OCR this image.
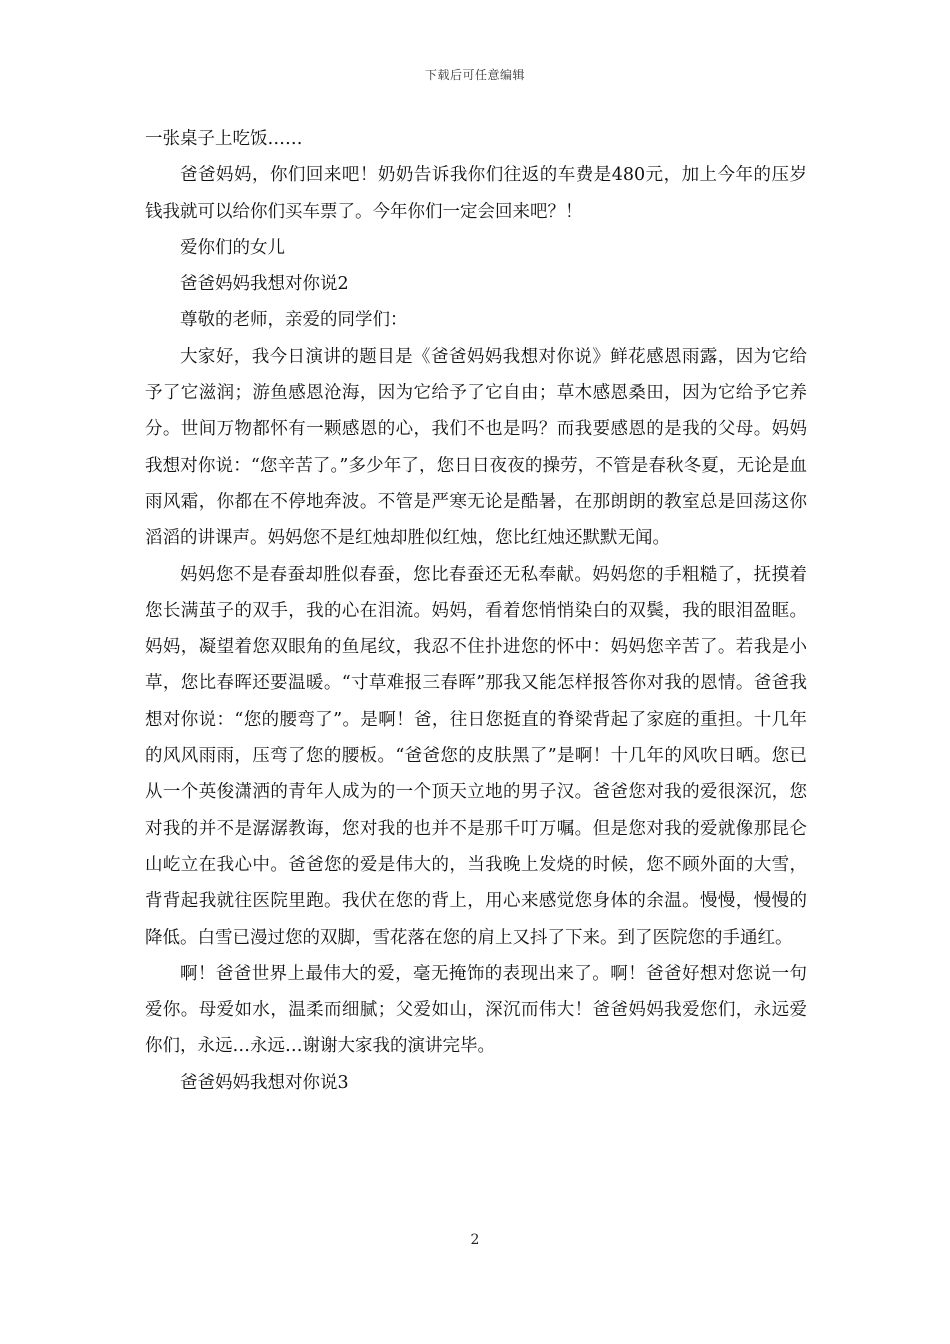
下载后可任意编辑

一张桌子上吃饭……

爸爸妈妈，你们回来吧！奶奶告诉我你们往返的车费是480元，加上今年的压岁钱我就可以给你们买车票了。今年你们一定会回来吧？！

爱你们的女儿

爸爸妈妈我想对你说2

尊敬的老师，亲爱的同学们：

大家好，我今日演讲的题目是《爸爸妈妈我想对你说》鲜花感恩雨露，因为它给予了它滋润；游鱼感恩沧海，因为它给予了它自由；草木感恩桑田，因为它给予它养分。世间万物都怀有一颗感恩的心，我们不也是吗？而我要感恩的是我的父母。妈妈我想对你说：“您辛苦了。”多少年了，您日日夜夜的操劳，不管是春秋冬夏，无论是血雨风霜，你都在不停地奔波。不管是严寒无论是酷暑，在那朗朗的教室总是回荡这你滔滔的讲课声。妈妈您不是红烛却胜似红烛，您比红烛还默默无闻。

妈妈您不是春蚕却胜似春蚕，您比春蚕还无私奉献。妈妈您的手粗糙了，抚摸着您长满茧子的双手，我的心在泪流。妈妈，看着您悄悄染白的双鬓，我的眼泪盈眶。妈妈，凝望着您双眼角的鱼尾纹，我忍不住扑进您的怀中：妈妈您辛苦了。若我是小草，您比春晖还要温暖。“寸草难报三春晖”那我又能怎样报答你对我的恩情。爸爸我想对你说：“您的腰弯了”。是啊！爸，往日您挺直的脊梁背起了家庭的重担。十几年的风风雨雨，压弯了您的腰板。“爸爸您的皮肤黑了”是啊！十几年的风吹日晒。您已从一个英俊潇洒的青年人成为的一个顶天立地的男子汉。爸爸您对我的爱很深沉，您对我的并不是潺潺教诲，您对我的也并不是那千叮万嘱。但是您对我的爱就像那昆仑山屹立在我心中。爸爸您的爱是伟大的，当我晚上发烧的时候，您不顾外面的大雪，背背起我就往医院里跑。我伏在您的背上，用心来感觉您身体的余温。慢慢，慢慢的降低。白雪已漫过您的双脚，雪花落在您的肩上又抖了下来。到了医院您的手通红。

啊！爸爸世界上最伟大的爱，毫无掩饰的表现出来了。啊！爸爸好想对您说一句爱你。母爱如水，温柔而细腻；父爱如山，深沉而伟大！爸爸妈妈我爱您们，永远爱你们，永远…永远…谢谢大家我的演讲完毕。

爸爸妈妈我想对你说3

2
